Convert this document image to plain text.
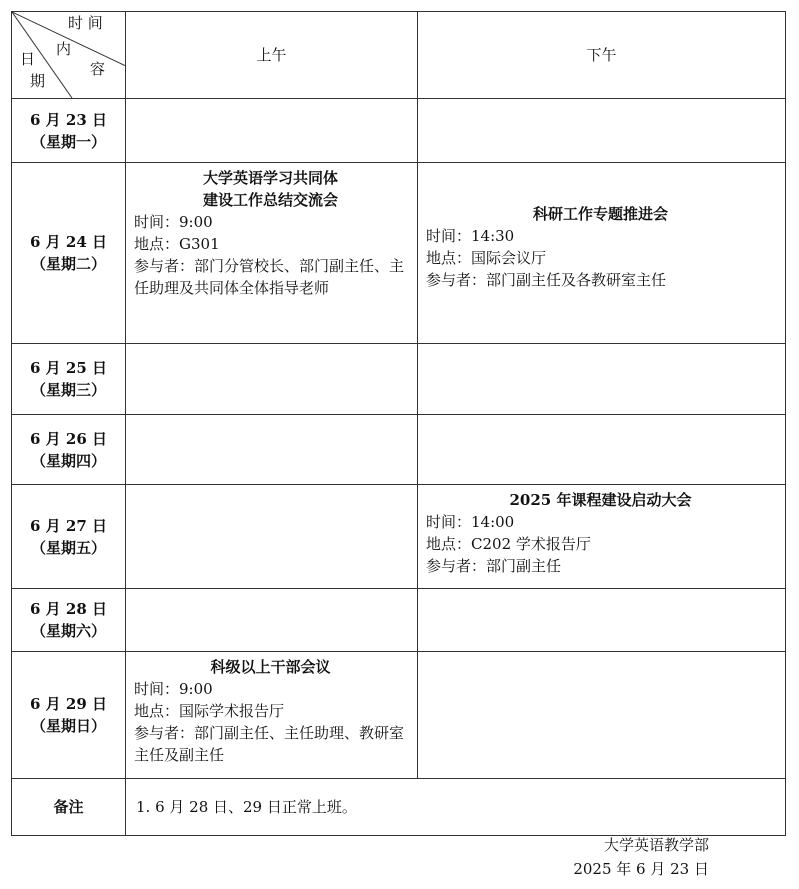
时 间
内
容
日
期	上午	下午

6 月 23 日
（星期一）		

6 月 24 日
（星期二）	大学英语学习共同体
建设工作总结交流会
时间：9:00
地点：G301
参与者：部门分管校长、部门副主任、主任助理及共同体全体指导老师	科研工作专题推进会
时间：14:30
地点：国际会议厅
参与者：部门副主任及各教研室主任

6 月 25 日
（星期三）		

6 月 26 日
（星期四）		

6 月 27 日
（星期五）		2025 年课程建设启动大会
时间：14:00
地点：C202 学术报告厅
参与者：部门副主任

6 月 28 日
（星期六）		

6 月 29 日
（星期日）	科级以上干部会议
时间：9:00
地点：国际学术报告厅
参与者：部门副主任、主任助理、教研室主任及副主任	

备注	1. 6 月 28 日、29 日正常上班。	
大学英语教学部
2025 年 6 月 23 日
